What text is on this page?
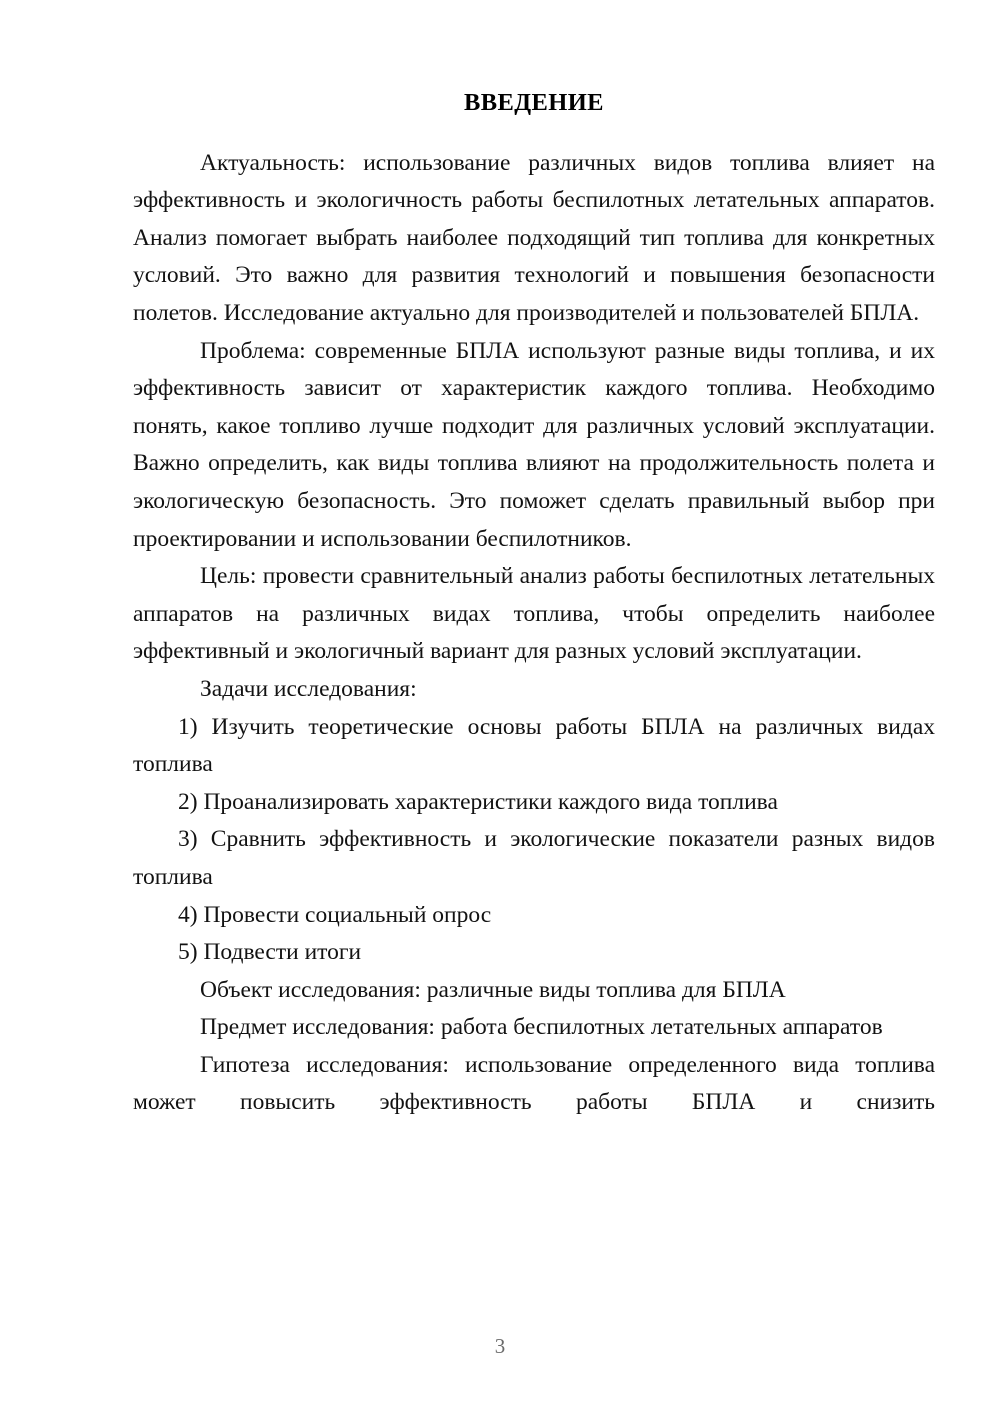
ВВЕДЕНИЕ

Актуальность: использование различных видов топлива влияет на эффективность и экологичность работы беспилотных летательных аппаратов. Анализ помогает выбрать наиболее подходящий тип топлива для конкретных условий. Это важно для развития технологий и повышения безопасности полетов. Исследование актуально для производителей и пользователей БПЛА.

Проблема: современные БПЛА используют разные виды топлива, и их эффективность зависит от характеристик каждого топлива. Необходимо понять, какое топливо лучше подходит для различных условий эксплуатации. Важно определить, как виды топлива влияют на продолжительность полета и экологическую безопасность. Это поможет сделать правильный выбор при проектировании и использовании беспилотников.

Цель: провести сравнительный анализ работы беспилотных летательных аппаратов на различных видах топлива, чтобы определить наиболее эффективный и экологичный вариант для разных условий эксплуатации.

Задачи исследования:

1) Изучить теоретические основы работы БПЛА на различных видах топлива

2) Проанализировать характеристики каждого вида топлива

3) Сравнить эффективность и экологические показатели разных видов топлива

4) Провести социальный опрос

5) Подвести итоги

Объект исследования: различные виды топлива для БПЛА

Предмет исследования: работа беспилотных летательных аппаратов

Гипотеза исследования: использование определенного вида топлива может повысить эффективность работы БПЛА и снизить

3
